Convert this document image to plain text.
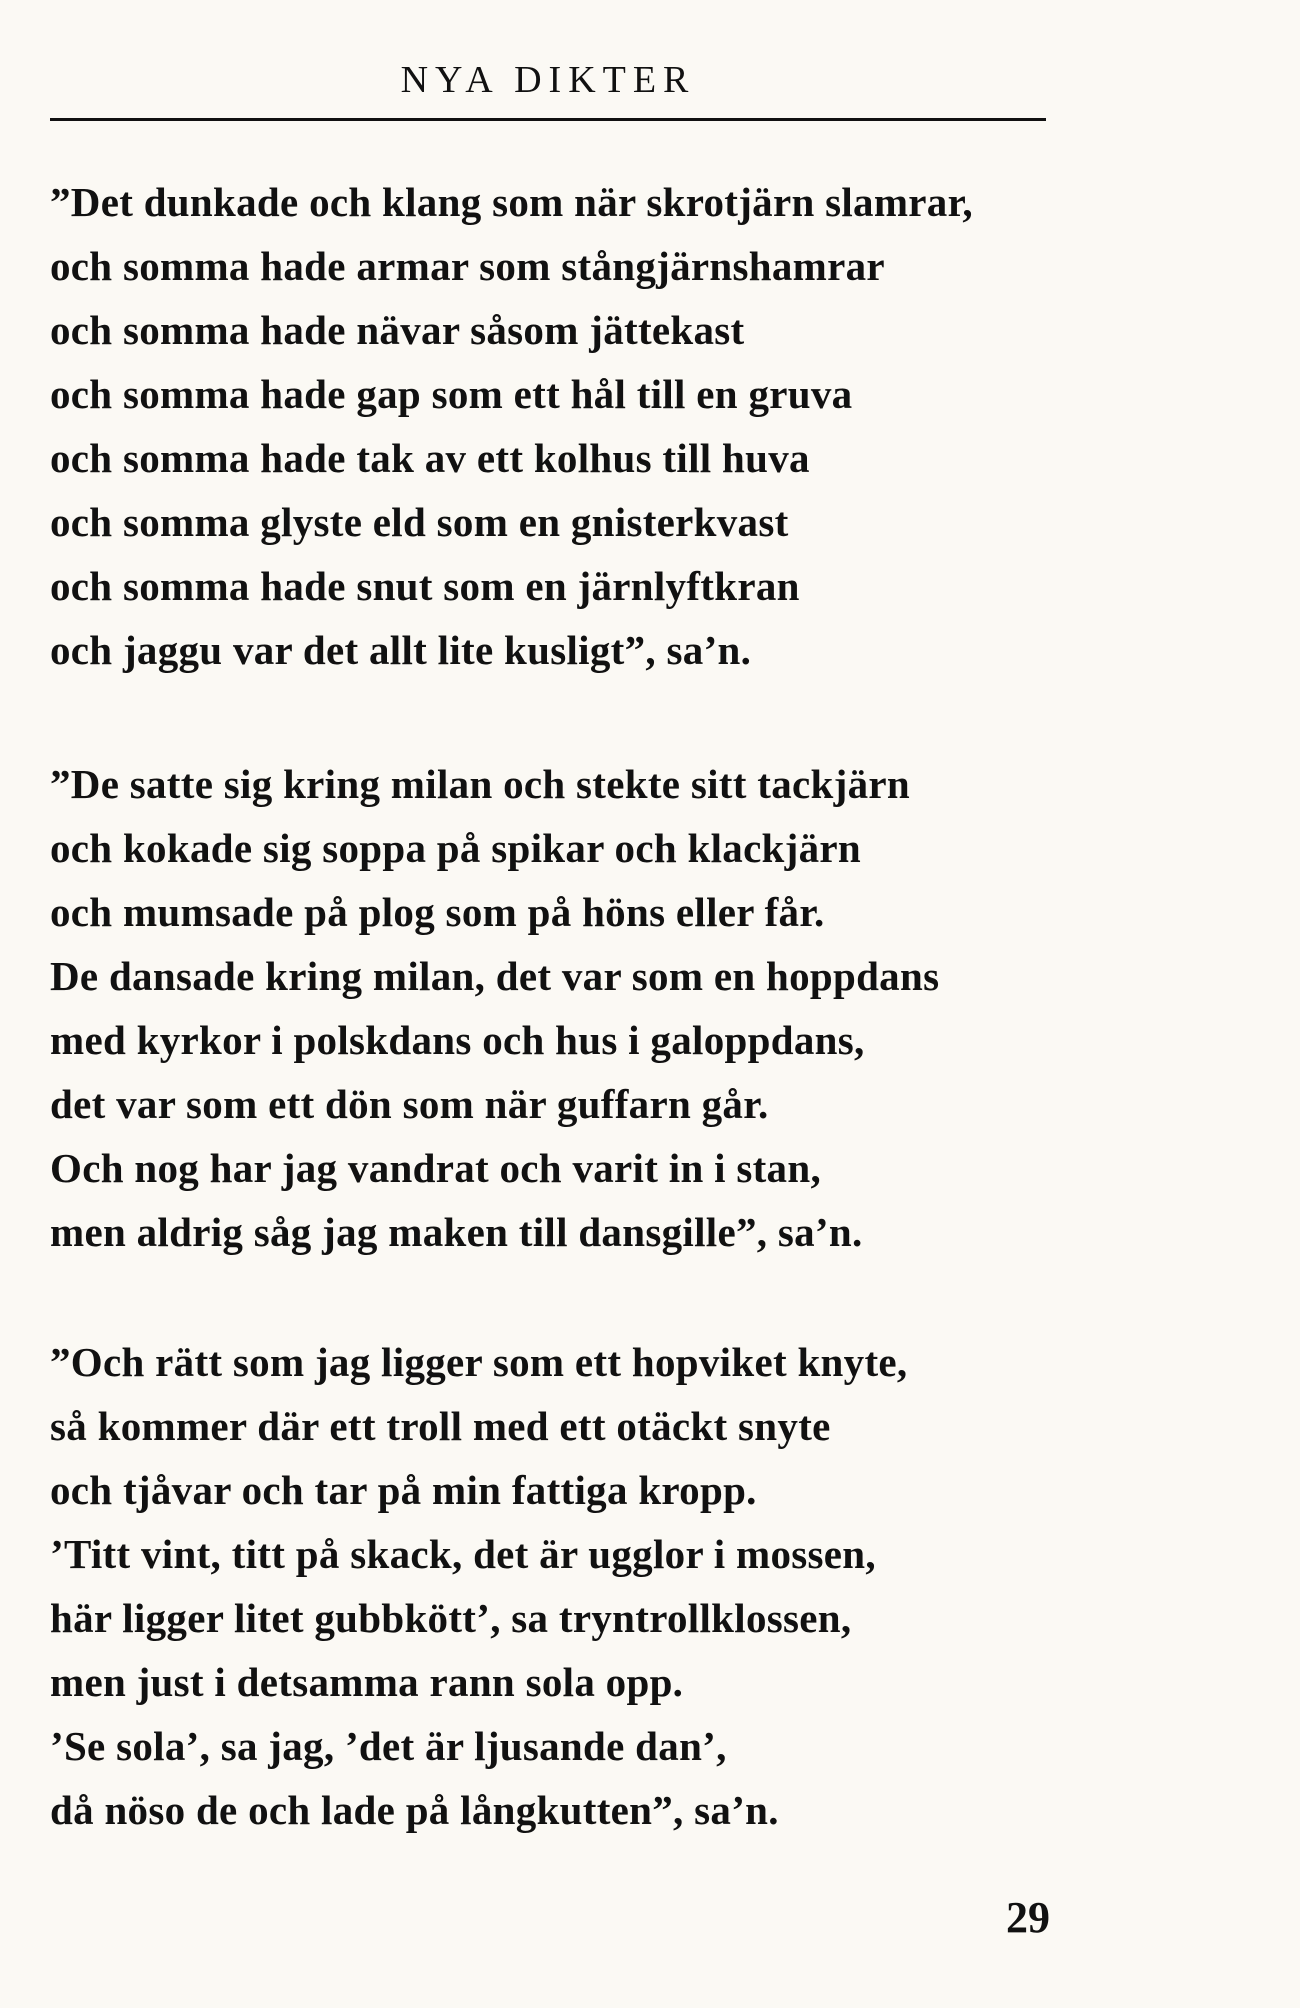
NYA DIKTER
”Det dunkade och klang som när skrotjärn slamrar,
och somma hade armar som stångjärnshamrar
och somma hade nävar såsom jättekast
och somma hade gap som ett hål till en gruva
och somma hade tak av ett kolhus till huva
och somma glyste eld som en gnisterkvast
och somma hade snut som en järnlyftkran
och jaggu var det allt lite kusligt”, sa’n.
”De satte sig kring milan och stekte sitt tackjärn
och kokade sig soppa på spikar och klackjärn
och mumsade på plog som på höns eller får.
De dansade kring milan, det var som en hoppdans
med kyrkor i polskdans och hus i galoppdans,
det var som ett dön som när guffarn går.
Och nog har jag vandrat och varit in i stan,
men aldrig såg jag maken till dansgille”, sa’n.
”Och rätt som jag ligger som ett hopviket knyte,
så kommer där ett troll med ett otäckt snyte
och tjåvar och tar på min fattiga kropp.
’Titt vint, titt på skack, det är ugglor i mossen,
här ligger litet gubbkött’, sa tryntrollklossen,
men just i detsamma rann sola opp.
’Se sola’, sa jag, ’det är ljusande dan’,
då nöso de och lade på långkutten”, sa’n.
29
